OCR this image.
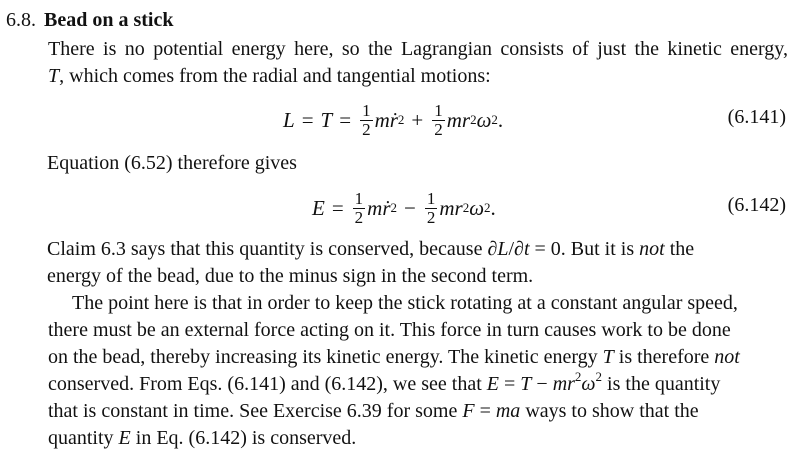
6.8. Bead on a stick

There is no potential energy here, so the Lagrangian consists of just the kinetic energy,
T, which comes from the radial and tangential motions:

$L = T = \frac{1}{2}$ mṙ $2 + \frac{1}{2}$ mr 2 ω 2 .	(6.141)

Equation (6.52) therefore gives

$E = \frac{1}{2}$ mṙ $2 - \frac{1}{2}$ mr 2 ω 2 .	(6.142)

Claim 6.3 says that this quantity is conserved, because ∂L/∂t = 0. But it is not the
energy of the bead, due to the minus sign in the second term.

The point here is that in order to keep the stick rotating at a constant angular speed,
there must be an external force acting on it. This force in turn causes work to be done
on the bead, thereby increasing its kinetic energy. The kinetic energy T is therefore not
conserved. From Eqs. (6.141) and (6.142), we see that $E = T - mr^2\omega^2$ is the quantity
that is constant in time. See Exercise 6.39 for some F = ma ways to show that the
quantity E in Eq. (6.142) is conserved.
